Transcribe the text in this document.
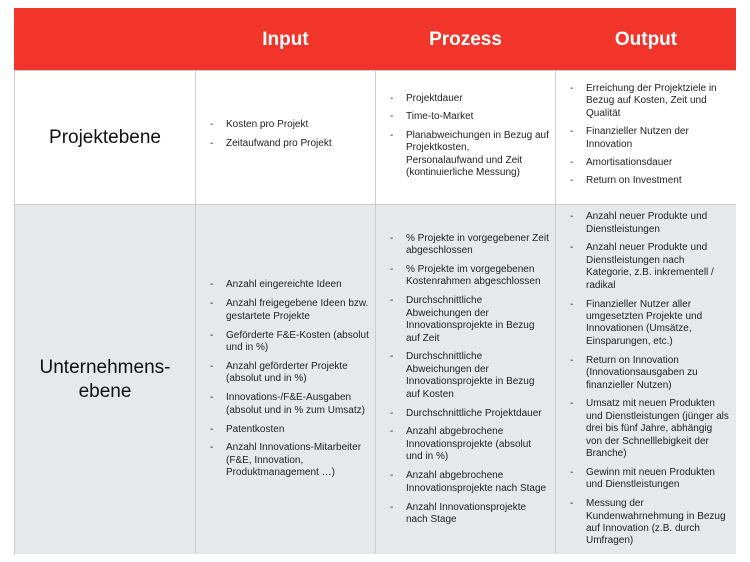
Input	Prozess	Output
Projektebene
- Kosten pro Projekt
- Zeitaufwand pro Projekt
- Projektdauer
- Time-to-Market
- Planabweichungen in Bezug auf Projektkosten, Personalaufwand und Zeit (kontinuierliche Messung)
- Erreichung der Projektziele in Bezug auf Kosten, Zeit und Qualität
- Finanzieller Nutzen der Innovation
- Amortisationsdauer
- Return on Investment
Unternehmens-ebene
- Anzahl eingereichte Ideen
- Anzahl freigegebene Ideen bzw. gestartete Projekte
- Geförderte F&E-Kosten (absolut und in %)
- Anzahl geförderter Projekte (absolut und in %)
- Innovations-/F&E-Ausgaben (absolut und in % zum Umsatz)
- Patentkosten
- Anzahl Innovations-Mitarbeiter (F&E, Innovation, Produktmanagement …)
- % Projekte in vorgegebener Zeit abgeschlossen
- % Projekte im vorgegebenen Kostenrahmen abgeschlossen
- Durchschnittliche Abweichungen der Innovationsprojekte in Bezug auf Zeit
- Durchschnittliche Abweichungen der Innovationsprojekte in Bezug auf Kosten
- Durchschnittliche Projektdauer
- Anzahl abgebrochene Innovationsprojekte (absolut und in %)
- Anzahl abgebrochene Innovationsprojekte nach Stage
- Anzahl Innovationsprojekte nach Stage
- Anzahl neuer Produkte und Dienstleistungen
- Anzahl neuer Produkte und Dienstleistungen nach Kategorie, z.B. inkrementell / radikal
- Finanzieller Nutzer aller umgesetzten Projekte und Innovationen (Umsätze, Einsparungen, etc.)
- Return on Innovation (Innovationsausgaben zu finanzieller Nutzen)
- Umsatz mit neuen Produkten und Dienstleistungen (jünger als drei bis fünf Jahre, abhängig von der Schnelllebigkeit der Branche)
- Gewinn mit neuen Produkten und Dienstleistungen
- Messung der Kundenwahrnehmung in Bezug auf Innovation (z.B. durch Umfragen)
